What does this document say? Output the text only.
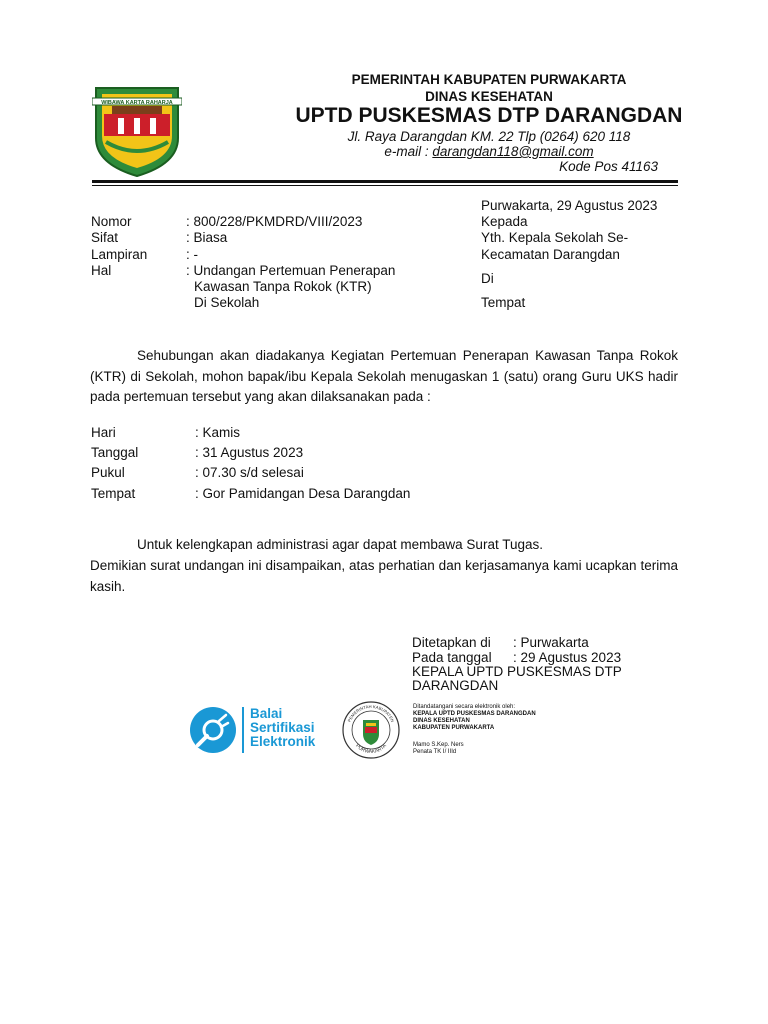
WIBAWA KARTA RAHARJA
PEMERINTAH KABUPATEN PURWAKARTA
DINAS KESEHATAN
UPTD PUSKESMAS DTP DARANGDAN
Jl. Raya Darangdan KM. 22 Tlp (0264) 620 118
e-mail : darangdan118@gmail.com
Kode Pos 41163
Purwakarta, 29 Agustus 2023
Kepada
Yth. Kepala Sekolah Se-
Kecamatan Darangdan
Di
Tempat
Nomor	: 800/228/PKMDRD/VIII/2023
Sifat	: Biasa
Lampiran	: -
Hal	: Undangan Pertemuan Penerapan
Kawasan Tanpa Rokok (KTR)
Di Sekolah
Sehubungan akan diadakanya Kegiatan Pertemuan Penerapan Kawasan Tanpa Rokok (KTR) di Sekolah, mohon bapak/ibu Kepala Sekolah menugaskan 1 (satu) orang Guru UKS hadir pada pertemuan tersebut yang akan dilaksanakan pada :
Hari	: Kamis
Tanggal	: 31 Agustus 2023
Pukul	: 07.30 s/d selesai
Tempat	: Gor Pamidangan Desa Darangdan
Untuk kelengkapan administrasi agar dapat membawa Surat Tugas.
Demikian surat undangan ini disampaikan, atas perhatian dan kerjasamanya kami ucapkan terima kasih.
Ditetapkan di : Purwakarta
Pada tanggal : 29 Agustus 2023
KEPALA UPTD PUSKESMAS DTP
DARANGDAN
Balai
Sertifikasi
Elektronik
PEMERINTAH KABUPATEN
PURWAKARTA
Ditandatangani secara elektronik oleh:
KEPALA UPTD PUSKESMAS DARANGDAN
DINAS KESEHATAN
KABUPATEN PURWAKARTA
Mamo S.Kep. Ners
Penata TK I/ IIId
